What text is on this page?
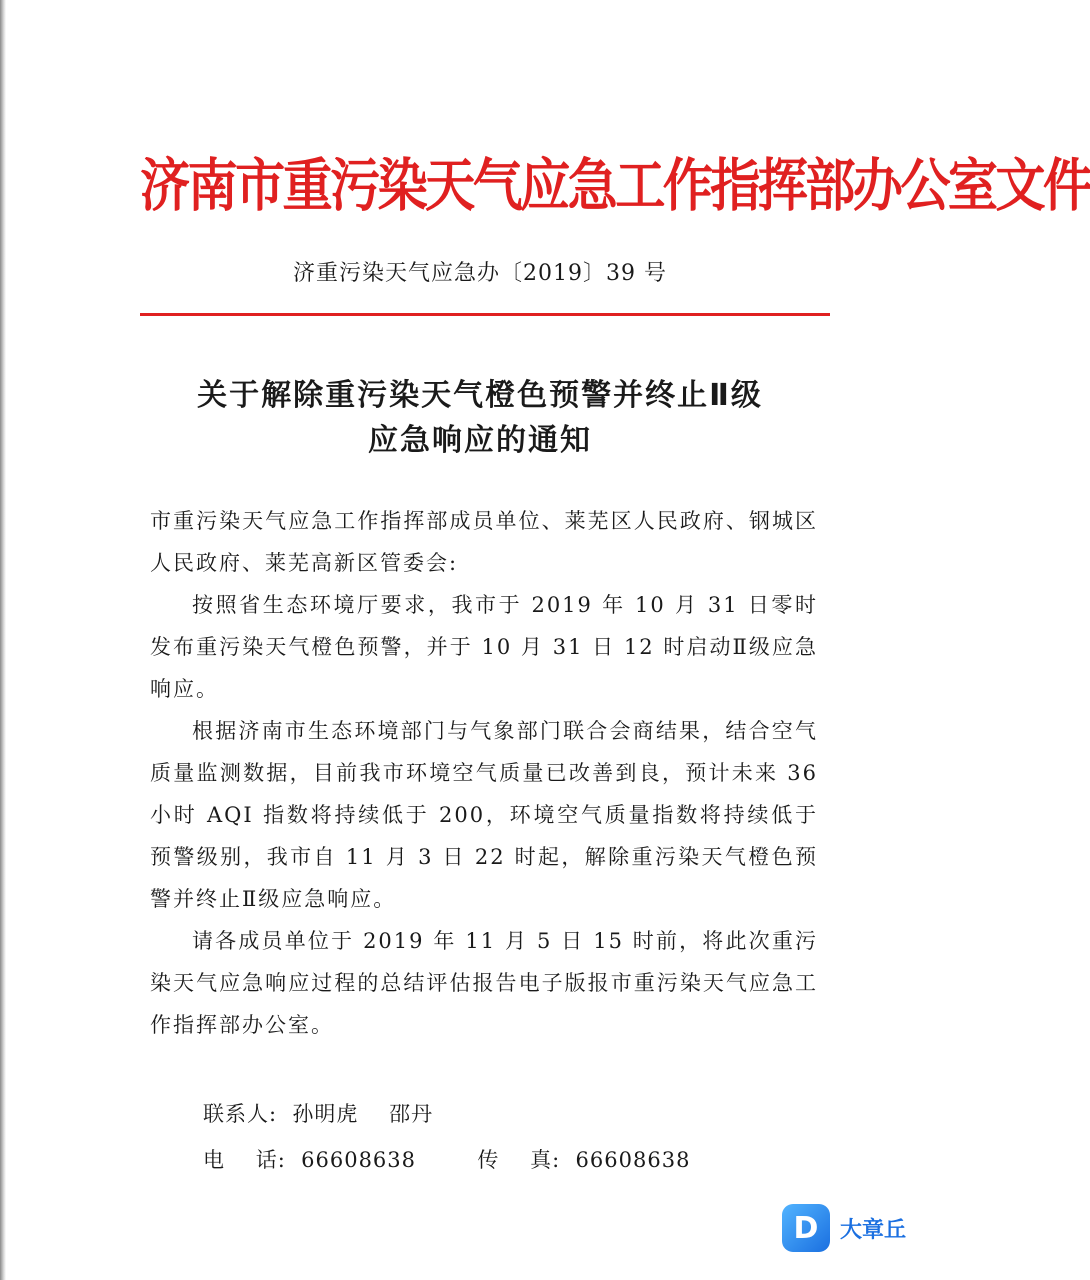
济南市重污染天气应急工作指挥部办公室文件
济重污染天气应急办〔2019〕39 号
关于解除重污染天气橙色预警并终止Ⅱ级
应急响应的通知

市重污染天气应急工作指挥部成员单位、莱芜区人民政府、钢城区人民政府、莱芜高新区管委会:

按照省生态环境厅要求，我市于 2019 年 10 月 31 日零时发布重污染天气橙色预警，并于 10 月 31 日 12 时启动Ⅱ级应急响应。

根据济南市生态环境部门与气象部门联合会商结果，结合空气质量监测数据，目前我市环境空气质量已改善到良，预计未来 36 小时 AQI 指数将持续低于 200，环境空气质量指数将持续低于预警级别，我市自 11 月 3 日 22 时起，解除重污染天气橙色预警并终止Ⅱ级应急响应。

请各成员单位于 2019 年 11 月 5 日 15 时前，将此次重污染天气应急响应过程的总结评估报告电子版报市重污染天气应急工作指挥部办公室。

联系人:  孙明虎    邵丹
电    话:  66608638        传    真:  66608638
D 大章丘
